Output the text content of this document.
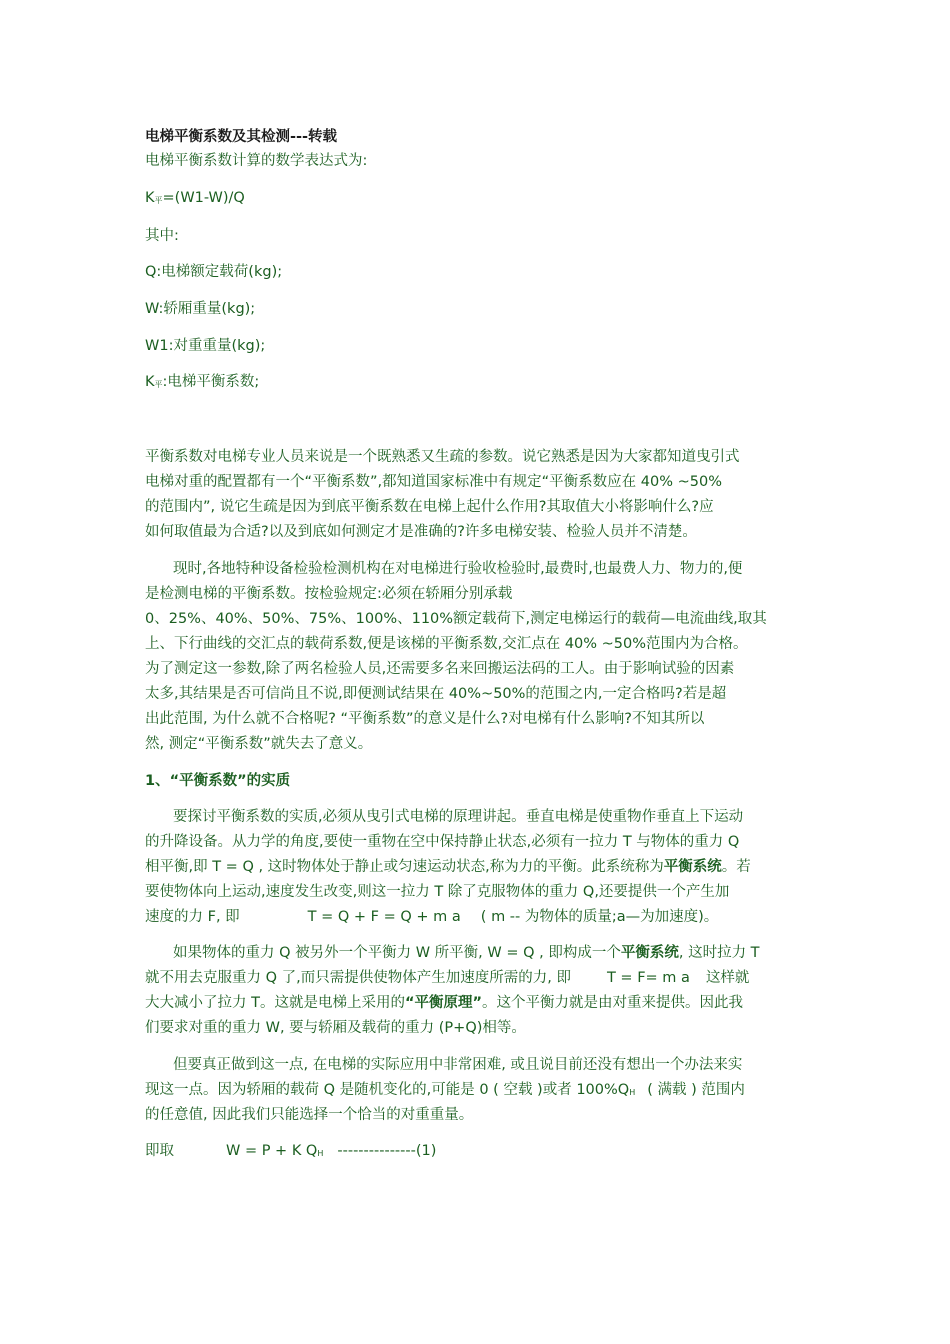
电梯平衡系数及其检测---转载
电梯平衡系数计算的数学表达式为:
K平=(W1-W)/Q
其中:
Q:电梯额定载荷(kg);
W:轿厢重量(kg);
W1:对重重量(kg);
K平:电梯平衡系数;
平衡系数对电梯专业人员来说是一个既熟悉又生疏的参数。说它熟悉是因为大家都知道曳引式
电梯对重的配置都有一个“平衡系数”,都知道国家标准中有规定“平衡系数应在 40% ~50%
的范围内”, 说它生疏是因为到底平衡系数在电梯上起什么作用?其取值大小将影响什么?应
如何取值最为合适?以及到底如何测定才是准确的?许多电梯安装、检验人员并不清楚。
现时,各地特种设备检验检测机构在对电梯进行验收检验时,最费时,也最费人力、物力的,便
是检测电梯的平衡系数。按检验规定:必须在轿厢分别承载
0、25%、40%、50%、75%、100%、110%额定载荷下,测定电梯运行的载荷—电流曲线,取其
上、下行曲线的交汇点的载荷系数,便是该梯的平衡系数,交汇点在 40% ~50%范围内为合格。
为了测定这一参数,除了两名检验人员,还需要多名来回搬运法码的工人。由于影响试验的因素
太多,其结果是否可信尚且不说,即便测试结果在 40%~50%的范围之内,一定合格吗?若是超
出此范围, 为什么就不合格呢? “平衡系数”的意义是什么?对电梯有什么影响?不知其所以
然, 测定“平衡系数”就失去了意义。
1、“平衡系数”的实质
要探讨平衡系数的实质,必须从曳引式电梯的原理讲起。垂直电梯是使重物作垂直上下运动
的升降设备。从力学的角度,要使一重物在空中保持静止状态,必须有一拉力 T 与物体的重力 Q
相平衡,即 T = Q , 这时物体处于静止或匀速运动状态,称为力的平衡。此系统称为平衡系统。若
要使物体向上运动,速度发生改变,则这一拉力 T 除了克服物体的重力 Q,还要提供一个产生加
速度的力 F, 即	T = Q + F = Q + m a ( m -- 为物体的质量;a—为加速度)。
如果物体的重力 Q 被另外一个平衡力 W 所平衡, W = Q , 即构成一个平衡系统, 这时拉力 T
就不用去克服重力 Q 了,而只需提供使物体产生加速度所需的力, 即 T = F= m a 这样就
大大减小了拉力 T。这就是电梯上采用的“平衡原理”。这个平衡力就是由对重来提供。因此我
们要求对重的重力 W, 要与轿厢及载荷的重力 (P+Q)相等。
但要真正做到这一点, 在电梯的实际应用中非常困难, 或且说目前还没有想出一个办法来实
现这一点。因为轿厢的载荷 Q 是随机变化的,可能是 0 ( 空载 )或者 100%QH ( 满载 ) 范围内
的任意值, 因此我们只能选择一个恰当的对重重量。
即取	W = P + K QH ---------------(1)
